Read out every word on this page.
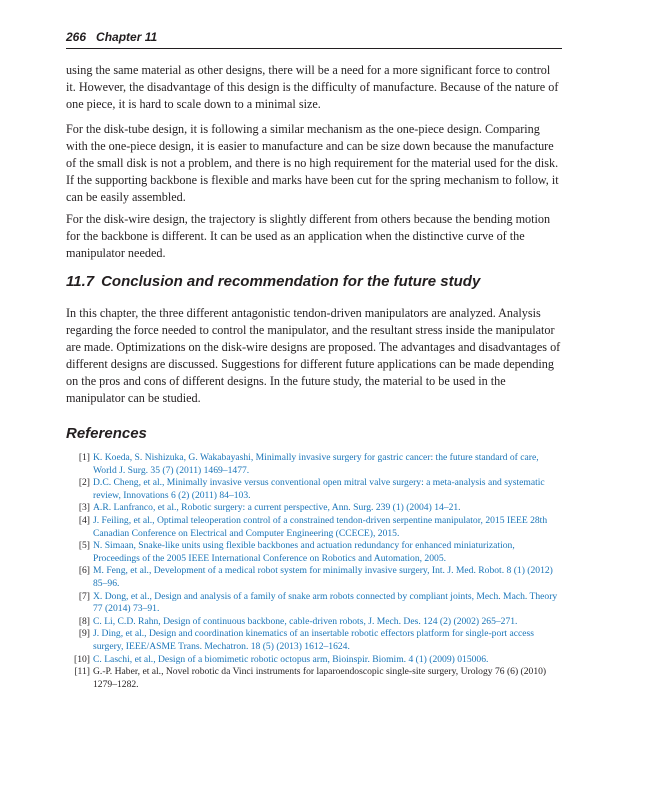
266 Chapter 11

using the same material as other designs, there will be a need for a more significant force to control it. However, the disadvantage of this design is the difficulty of manufacture. Because of the nature of one piece, it is hard to scale down to a minimal size.

For the disk-tube design, it is following a similar mechanism as the one-piece design. Comparing with the one-piece design, it is easier to manufacture and can be size down because the manufacture of the small disk is not a problem, and there is no high requirement for the material used for the disk. If the supporting backbone is flexible and marks have been cut for the spring mechanism to follow, it can be easily assembled.

For the disk-wire design, the trajectory is slightly different from others because the bending motion for the backbone is different. It can be used as an application when the distinctive curve of the manipulator needed.

11.7 Conclusion and recommendation for the future study

In this chapter, the three different antagonistic tendon-driven manipulators are analyzed. Analysis regarding the force needed to control the manipulator, and the resultant stress inside the manipulator are made. Optimizations on the disk-wire designs are proposed. The advantages and disadvantages of different designs are discussed. Suggestions for different future applications can be made depending on the pros and cons of different designs. In the future study, the material to be used in the manipulator can be studied.

References
[1] K. Koeda, S. Nishizuka, G. Wakabayashi, Minimally invasive surgery for gastric cancer: the future standard of care, World J. Surg. 35 (7) (2011) 1469–1477.
[2] D.C. Cheng, et al., Minimally invasive versus conventional open mitral valve surgery: a meta-analysis and systematic review, Innovations 6 (2) (2011) 84–103.
[3] A.R. Lanfranco, et al., Robotic surgery: a current perspective, Ann. Surg. 239 (1) (2004) 14–21.
[4] J. Feiling, et al., Optimal teleoperation control of a constrained tendon-driven serpentine manipulator, 2015 IEEE 28th Canadian Conference on Electrical and Computer Engineering (CCECE), 2015.
[5] N. Simaan, Snake-like units using flexible backbones and actuation redundancy for enhanced miniaturization, Proceedings of the 2005 IEEE International Conference on Robotics and Automation, 2005.
[6] M. Feng, et al., Development of a medical robot system for minimally invasive surgery, Int. J. Med. Robot. 8 (1) (2012) 85–96.
[7] X. Dong, et al., Design and analysis of a family of snake arm robots connected by compliant joints, Mech. Mach. Theory 77 (2014) 73–91.
[8] C. Li, C.D. Rahn, Design of continuous backbone, cable-driven robots, J. Mech. Des. 124 (2) (2002) 265–271.
[9] J. Ding, et al., Design and coordination kinematics of an insertable robotic effectors platform for single-port access surgery, IEEE/ASME Trans. Mechatron. 18 (5) (2013) 1612–1624.
[10] C. Laschi, et al., Design of a biomimetic robotic octopus arm, Bioinspir. Biomim. 4 (1) (2009) 015006.
[11] G.-P. Haber, et al., Novel robotic da Vinci instruments for laparoendoscopic single-site surgery, Urology 76 (6) (2010) 1279–1282.
